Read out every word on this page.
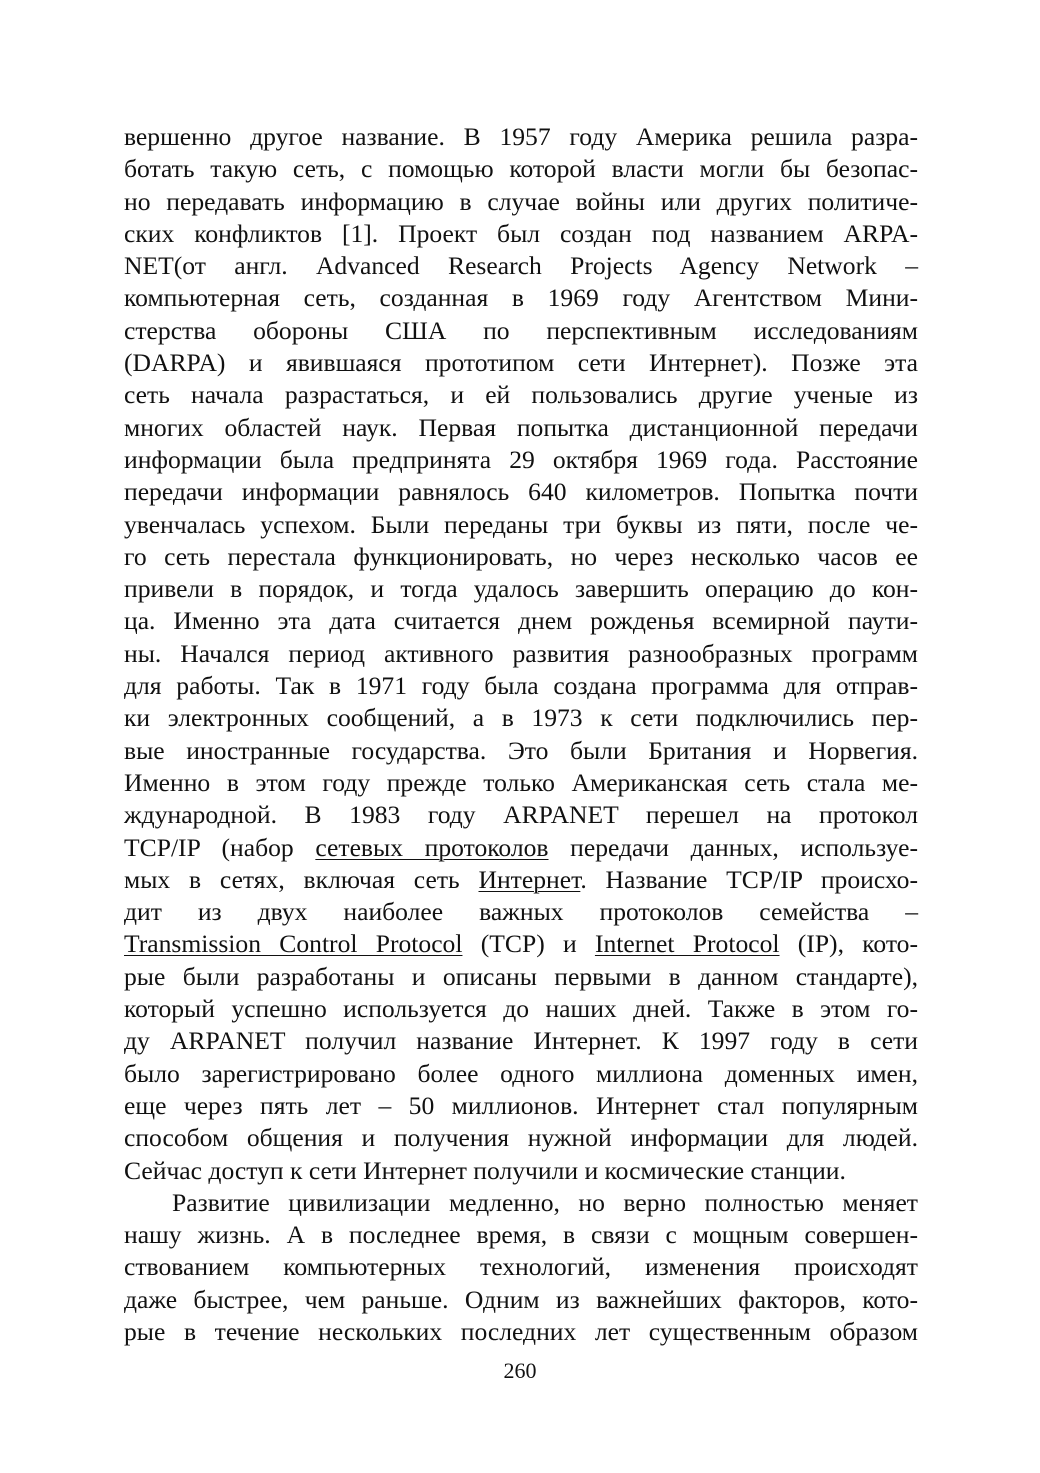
вершенно другое название. В 1957 году Америка решила разра-
ботать такую сеть, с помощью которой власти могли бы безопас-
но передавать информацию в случае войны или других политиче-
ских конфликтов [1]. Проект был создан под названием ARPA-
NET(от англ. Advanced Research Projects Agency Network –
компьютерная сеть, созданная в 1969 году Агентством Мини-
стерства обороны США по перспективным исследованиям
(DARPA) и явившаяся прототипом сети Интернет). Позже эта
сеть начала разрастаться, и ей пользовались другие ученые из
многих областей наук. Первая попытка дистанционной передачи
информации была предпринята 29 октября 1969 года. Расстояние
передачи информации равнялось 640 километров. Попытка почти
увенчалась успехом. Были переданы три буквы из пяти, после че-
го сеть перестала функционировать, но через несколько часов ее
привели в порядок, и тогда удалось завершить операцию до кон-
ца. Именно эта дата считается днем рожденья всемирной паути-
ны. Начался период активного развития разнообразных программ
для работы. Так в 1971 году была создана программа для отправ-
ки электронных сообщений, а в 1973 к сети подключились пер-
вые иностранные государства. Это были Британия и Норвегия.
Именно в этом году прежде только Американская сеть стала ме-
ждународной. В 1983 году ARPANET перешел на протокол
TCP/IP (набор сетевых протоколов передачи данных, используе-
мых в сетях, включая сеть Интернет. Название TCP/IP происхо-
дит из двух наиболее важных протоколов семейства –
Transmission Control Protocol (TCP) и Internet Protocol (IP), кото-
рые были разработаны и описаны первыми в данном стандарте),
который успешно используется до наших дней. Также в этом го-
ду ARPANET получил название Интернет. К 1997 году в сети
было зарегистрировано более одного миллиона доменных имен,
еще через пять лет – 50 миллионов. Интернет стал популярным
способом общения и получения нужной информации для людей.
Сейчас доступ к сети Интернет получили и космические станции.
Развитие цивилизации медленно, но верно полностью меняет
нашу жизнь. А в последнее время, в связи с мощным совершен-
ствованием компьютерных технологий, изменения происходят
даже быстрее, чем раньше. Одним из важнейших факторов, кото-
рые в течение нескольких последних лет существенным образом
260
